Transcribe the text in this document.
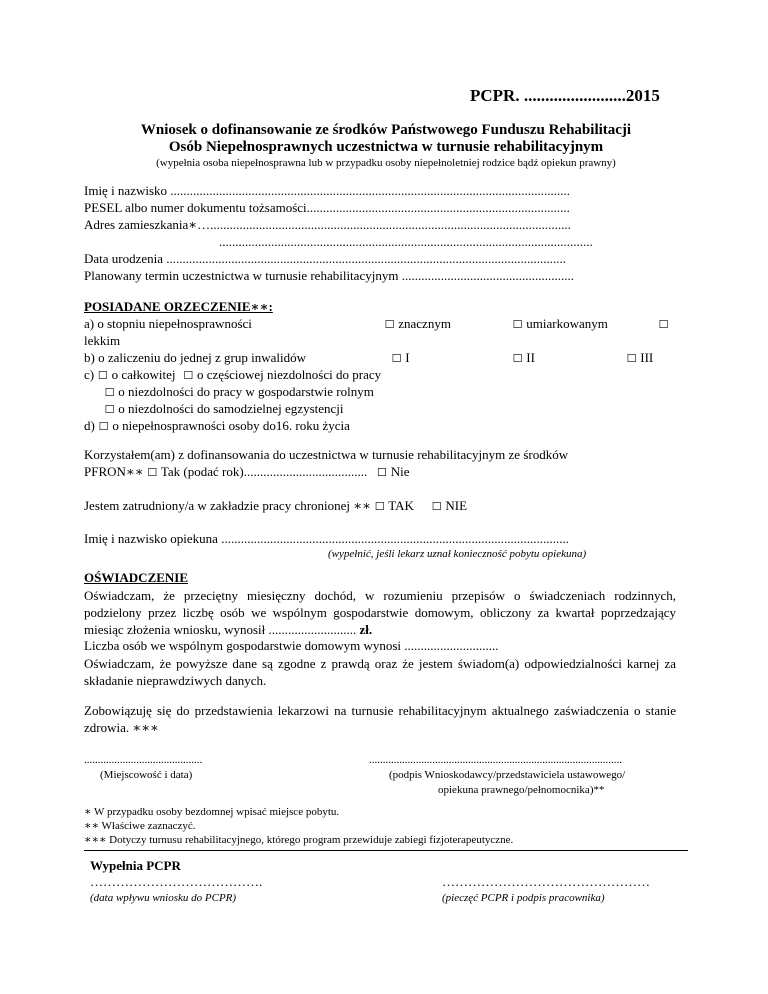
PCPR. ........................2015
Wniosek o dofinansowanie ze środków Państwowego Funduszu Rehabilitacji
Osób Niepełnosprawnych uczestnictwa w turnusie rehabilitacyjnym
(wypełnia osoba niepełnosprawna lub w przypadku osoby niepełnoletniej rodzice bądź opiekun prawny)
Imię i nazwisko ...........................................................................................................................
PESEL albo numer dokumentu tożsamości.................................................................................
Adres zamieszkania∗…...............................................................................................................
...................................................................................................................
Data urodzenia ...........................................................................................................................
Planowany termin uczestnictwa w turnusie rehabilitacyjnym .....................................................
POSIADANE ORZECZENIE∗∗:
a) o stopniu niepełnosprawności	☐ znacznym	☐ umiarkowanym	☐
lekkim
b) o zaliczeniu do jednej z grup inwalidów	☐ I	☐ II	☐ III
c) ☐ o całkowitej ☐ o częściowej niezdolności do pracy
☐ o niezdolności do pracy w gospodarstwie rolnym
☐ o niezdolności do samodzielnej egzystencji
d) ☐ o niepełnosprawności osoby do16. roku życia
Korzystałem(am) z dofinansowania do uczestnictwa w turnusie rehabilitacyjnym ze środków
PFRON∗∗ ☐ Tak (podać rok)...................................... ☐ Nie
Jestem zatrudniony/a w zakładzie pracy chronionej ∗∗ ☐ TAK ☐ NIE
Imię i nazwisko opiekuna ...........................................................................................................
(wypełnić, jeśli lekarz uznał konieczność pobytu opiekuna)
OŚWIADCZENIE
Oświadczam, że przeciętny miesięczny dochód, w rozumieniu przepisów o świadczeniach rodzinnych, podzielony przez liczbę osób we wspólnym gospodarstwie domowym, obliczony za kwartał poprzedzający miesiąc złożenia wniosku, wynosił ........................... zł.
Liczba osób we wspólnym gospodarstwie domowym wynosi .............................
Oświadczam, że powyższe dane są zgodne z prawdą oraz że jestem świadom(a) odpowiedzialności karnej za składanie nieprawdziwych danych.
Zobowiązuję się do przedstawienia lekarzowi na turnusie rehabilitacyjnym aktualnego zaświadczenia o stanie zdrowia. ∗∗∗
...........................................
(Miejscowość i data)
............................................................................................
(podpis Wnioskodawcy/przedstawiciela ustawowego/
opiekuna prawnego/pełnomocnika)**
∗ W przypadku osoby bezdomnej wpisać miejsce pobytu.
∗∗ Właściwe zaznaczyć.
∗∗∗ Dotyczy turnusu rehabilitacyjnego, którego program przewiduje zabiegi fizjoterapeutyczne.
Wypełnia PCPR
………………………………….
(data wpływu wniosku do PCPR)
…………………………………………
(pieczęć PCPR i podpis pracownika)
